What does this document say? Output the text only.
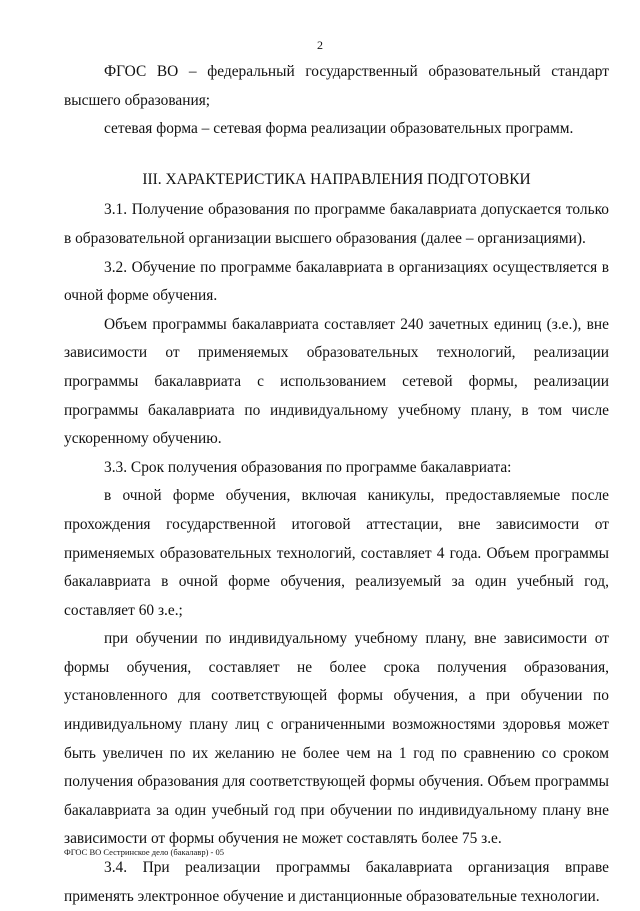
2

ФГОС ВО – федеральный государственный образовательный стандарт высшего образования;

сетевая форма – сетевая форма реализации образовательных программ.

III. ХАРАКТЕРИСТИКА НАПРАВЛЕНИЯ ПОДГОТОВКИ

3.1. Получение образования по программе бакалавриата допускается только в образовательной организации высшего образования (далее – организациями).

3.2. Обучение по программе бакалавриата в организациях осуществляется в очной форме обучения.

Объем программы бакалавриата составляет 240 зачетных единиц (з.е.), вне зависимости от применяемых образовательных технологий, реализации программы бакалавриата с использованием сетевой формы, реализации программы бакалавриата по индивидуальному учебному плану, в том числе ускоренному обучению.

3.3. Срок получения образования по программе бакалавриата:

в очной форме обучения, включая каникулы, предоставляемые после прохождения государственной итоговой аттестации, вне зависимости от применяемых образовательных технологий, составляет 4 года. Объем программы бакалавриата в очной форме обучения, реализуемый за один учебный год, составляет 60 з.е.;

при обучении по индивидуальному учебному плану, вне зависимости от формы обучения, составляет не более срока получения образования, установленного для соответствующей формы обучения, а при обучении по индивидуальному плану лиц с ограниченными возможностями здоровья может быть увеличен по их желанию не более чем на 1 год по сравнению со сроком получения образования для соответствующей формы обучения. Объем программы бакалавриата за один учебный год при обучении по индивидуальному плану вне зависимости от формы обучения не может составлять более 75 з.е.

3.4. При реализации программы бакалавриата организация вправе применять электронное обучение и дистанционные образовательные технологии.

ФГОС ВО Сестринское дело (бакалавр) - 05
